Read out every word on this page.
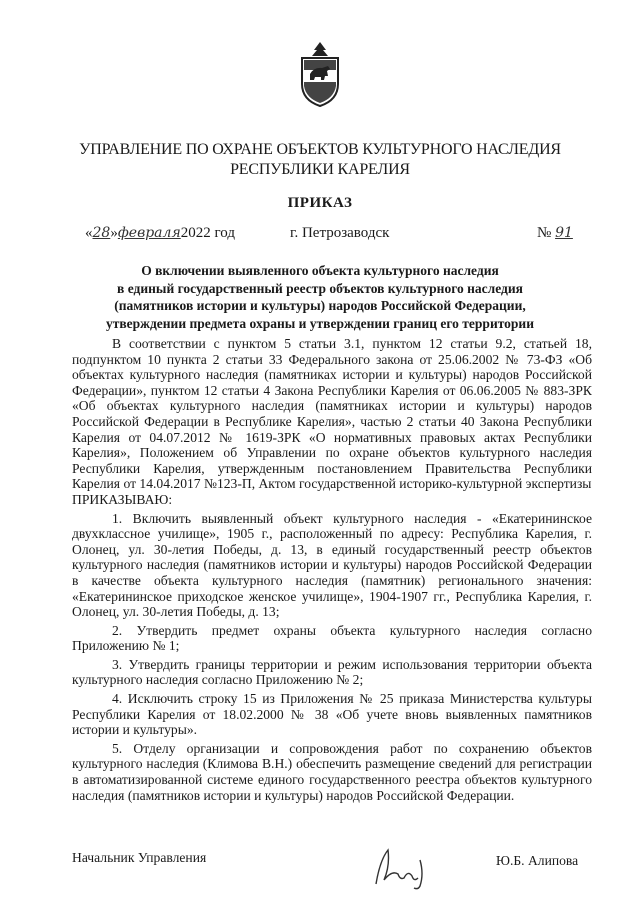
УПРАВЛЕНИЕ ПО ОХРАНЕ ОБЪЕКТОВ КУЛЬТУРНОГО НАСЛЕДИЯ
РЕСПУБЛИКИ КАРЕЛИЯ
ПРИКАЗ
«28»февраля2022 год	г. Петрозаводск	№ 91
О включении выявленного объекта культурного наследия
в единый государственный реестр объектов культурного наследия
(памятников истории и культуры) народов Российской Федерации,
утверждении предмета охраны и утверждении границ его территории

В соответствии с пунктом 5 статьи 3.1, пунктом 12 статьи 9.2, статьей 18, подпунктом 10 пункта 2 статьи 33 Федерального закона от 25.06.2002 № 73-ФЗ «Об объектах культурного наследия (памятниках истории и культуры) народов Российской Федерации», пунктом 12 статьи 4 Закона Республики Карелия от 06.06.2005 № 883-ЗРК «Об объектах культурного наследия (памятниках истории и культуры) народов Российской Федерации в Республике Карелия», частью 2 статьи 40 Закона Республики Карелия от 04.07.2012 № 1619-ЗРК «О нормативных правовых актах Республики Карелия», Положением об Управлении по охране объектов культурного наследия Республики Карелия, утвержденным постановлением Правительства Республики Карелия от 14.04.2017 №123-П, Актом государственной историко-культурной экспертизы

ПРИКАЗЫВАЮ:

1. Включить выявленный объект культурного наследия - «Екатерининское двухклассное училище», 1905 г., расположенный по адресу: Республика Карелия, г. Олонец, ул. 30-летия Победы, д. 13, в единый государственный реестр объектов культурного наследия (памятников истории и культуры) народов Российской Федерации в качестве объекта культурного наследия (памятник) регионального значения: «Екатерининское приходское женское училище», 1904-1907 гг., Республика Карелия, г. Олонец, ул. 30-летия Победы, д. 13;

2. Утвердить предмет охраны объекта культурного наследия согласно Приложению № 1;

3. Утвердить границы территории и режим использования территории объекта культурного наследия согласно Приложению № 2;

4. Исключить строку 15 из Приложения № 25 приказа Министерства культуры Республики Карелия от 18.02.2000 № 38 «Об учете вновь выявленных памятников истории и культуры».

5. Отделу организации и сопровождения работ по сохранению объектов культурного наследия (Климова В.Н.) обеспечить размещение сведений для регистрации в автоматизированной системе единого государственного реестра объектов культурного наследия (памятников истории и культуры) народов Российской Федерации.

Начальник Управления	Ю.Б. Алипова
